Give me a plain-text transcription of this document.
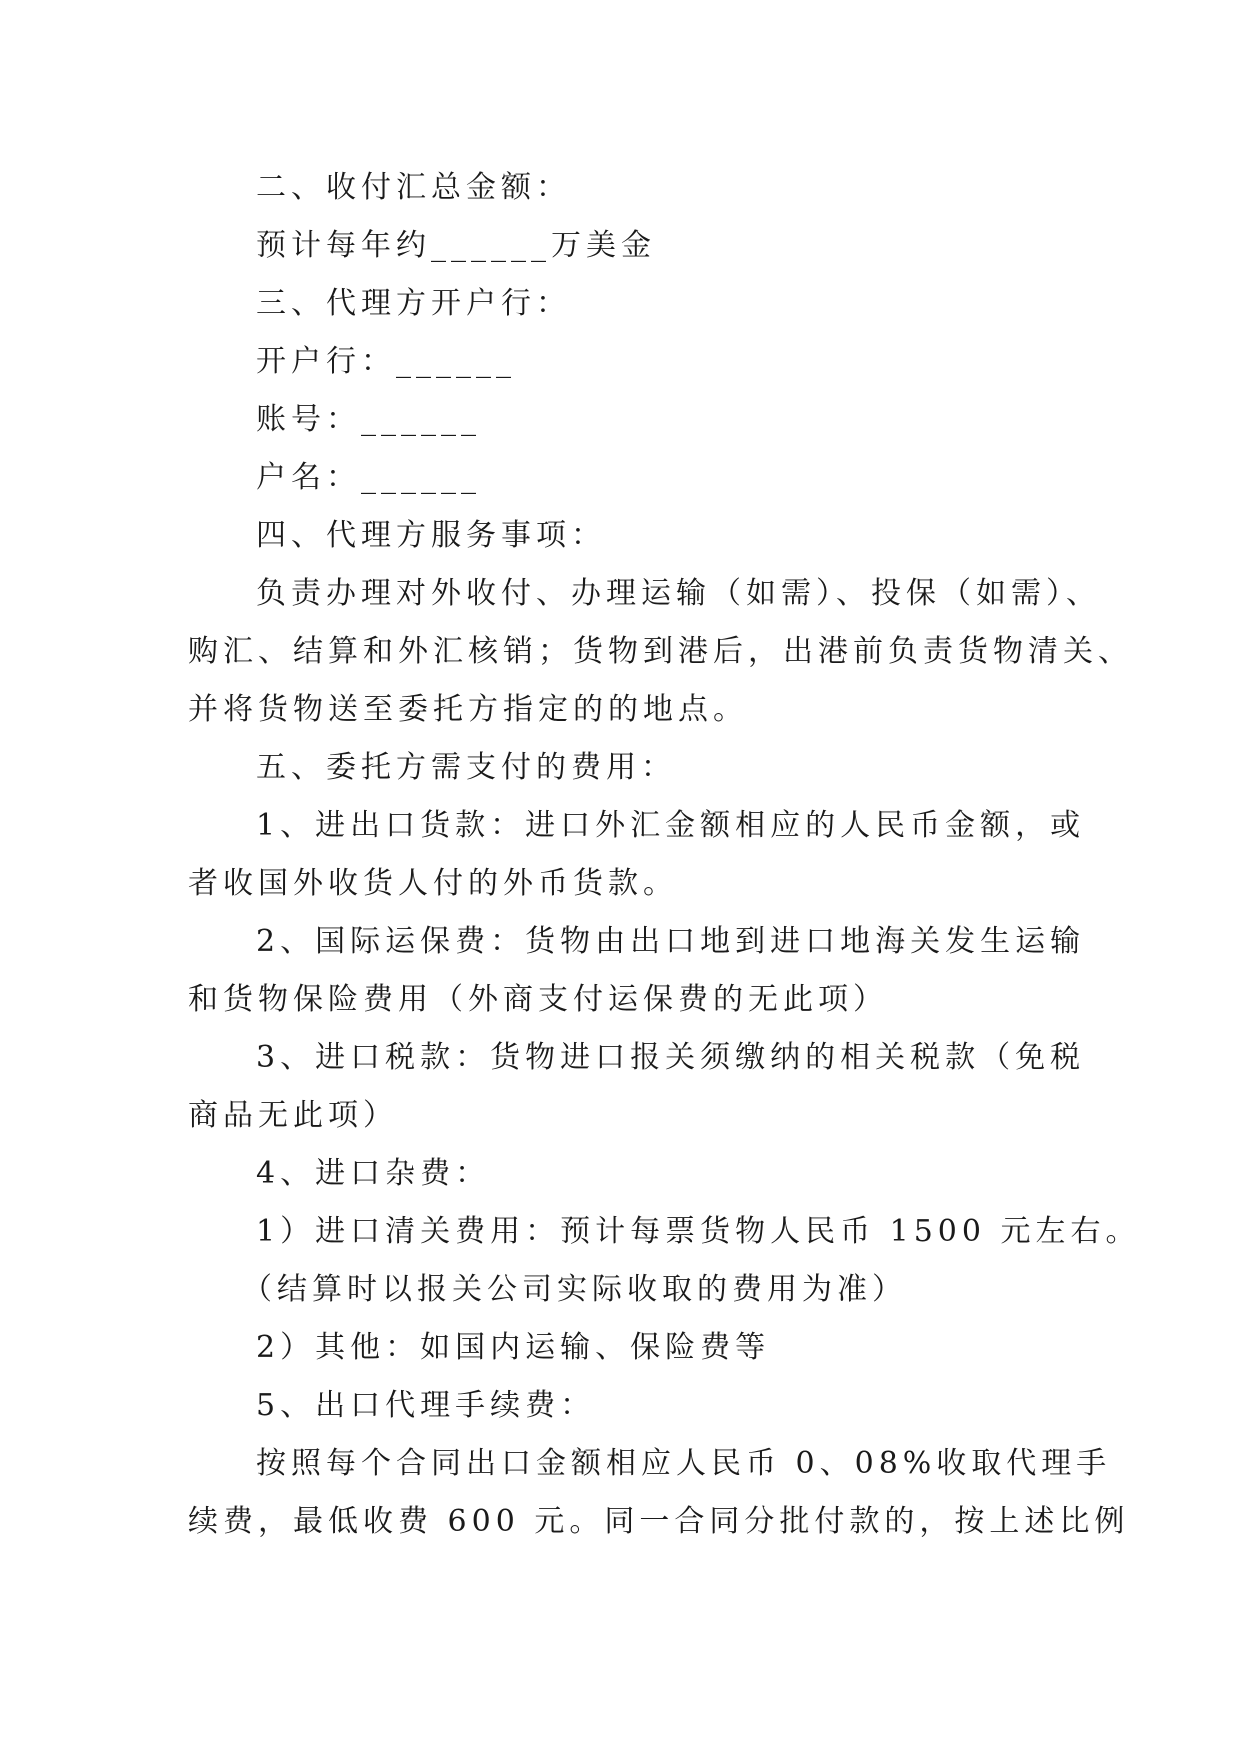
二、收付汇总金额：
预计每年约______万美金
三、代理方开户行：
开户行：______
账号：______
户名：______
四、代理方服务事项：
负责办理对外收付、办理运输（如需）、投保（如需）、
购汇、结算和外汇核销；货物到港后，出港前负责货物清关、
并将货物送至委托方指定的的地点。
五、委托方需支付的费用：
1、进出口货款：进口外汇金额相应的人民币金额，或
者收国外收货人付的外币货款。
2、国际运保费：货物由出口地到进口地海关发生运输
和货物保险费用（外商支付运保费的无此项）
3、进口税款：货物进口报关须缴纳的相关税款（免税
商品无此项）
4、进口杂费：
1）进口清关费用：预计每票货物人民币 1500 元左右。
（结算时以报关公司实际收取的费用为准）
2）其他：如国内运输、保险费等
5、出口代理手续费：
按照每个合同出口金额相应人民币 0、08%收取代理手
续费，最低收费 600 元。同一合同分批付款的，按上述比例
